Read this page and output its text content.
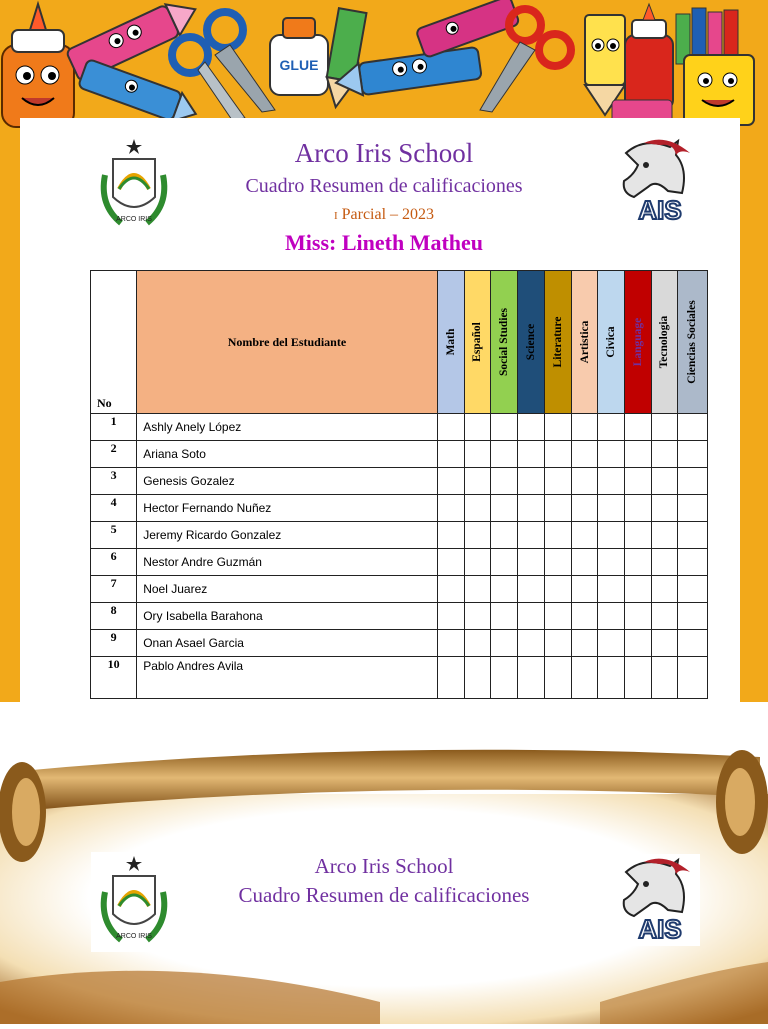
GLUE
ARCO IRIS	AIS
Arco Iris School
Cuadro Resumen de calificaciones
I Parcial – 2023
Miss: Lineth Matheu
No	Nombre del Estudiante	Math	Español	Social Studies	Science	Literature	Artistica	Civica	Language	Tecnologia	Ciencias Sociales

1	Ashly Anely López										
2	Ariana Soto										
3	Genesis Gozalez										
4	Hector Fernando Nuñez										
5	Jeremy Ricardo Gonzalez										
6	Nestor Andre Guzmán										
7	Noel Juarez										
8	Ory Isabella Barahona										
9	Onan Asael Garcia										
10	Pablo Andres Avila										
ARCO IRIS	AIS
Arco Iris School
Cuadro Resumen de calificaciones
